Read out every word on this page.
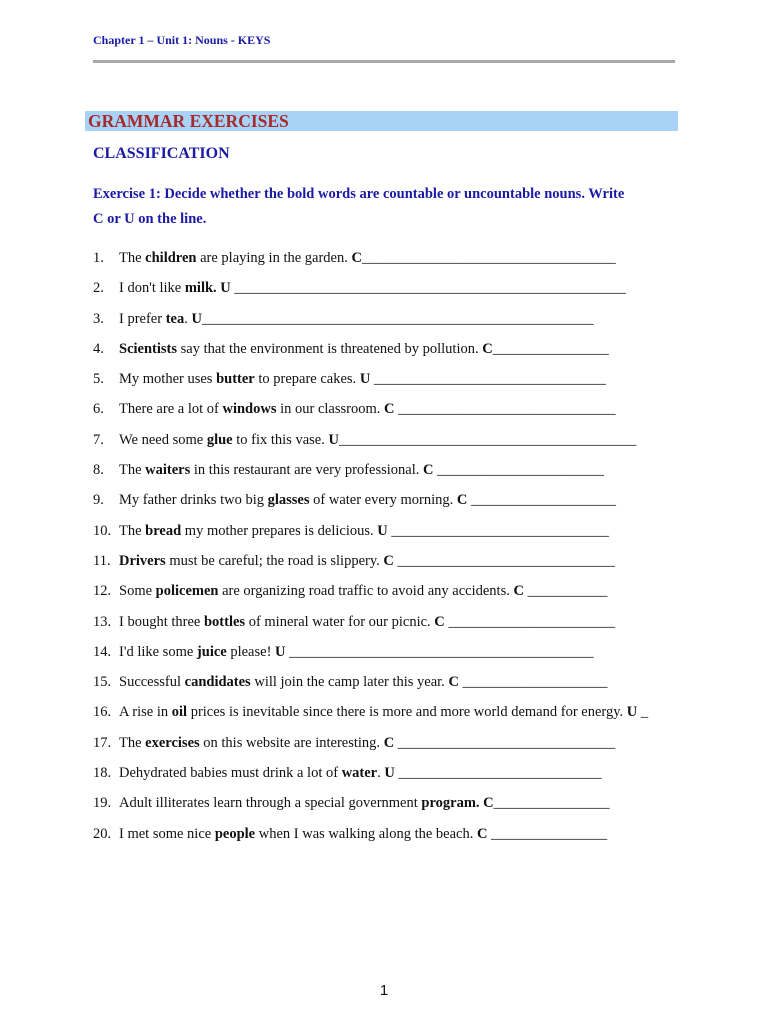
Chapter 1 – Unit 1: Nouns - KEYS
GRAMMAR EXERCISES
CLASSIFICATION
Exercise 1: Decide whether the bold words are countable or uncountable nouns. Write
C or U on the line.
1. The children are playing in the garden. C___________________________________
2. I don't like milk. U ______________________________________________________
3. I prefer tea. U______________________________________________________
4. Scientists say that the environment is threatened by pollution. C________________
5. My mother uses butter to prepare cakes. U ________________________________
6. There are a lot of windows in our classroom. C ______________________________
7. We need some glue to fix this vase. U_________________________________________
8. The waiters in this restaurant are very professional. C _______________________
9. My father drinks two big glasses of water every morning. C ____________________
10. The bread my mother prepares is delicious. U ______________________________
11. Drivers must be careful; the road is slippery. C ______________________________
12. Some policemen are organizing road traffic to avoid any accidents. C ___________
13. I bought three bottles of mineral water for our picnic. C _______________________
14. I'd like some juice please! U __________________________________________
15. Successful candidates will join the camp later this year. C ____________________
16. A rise in oil prices is inevitable since there is more and more world demand for energy. U _
17. The exercises on this website are interesting. C ______________________________
18. Dehydrated babies must drink a lot of water. U ____________________________
19. Adult illiterates learn through a special government program. C________________
20. I met some nice people when I was walking along the beach. C ________________
1
